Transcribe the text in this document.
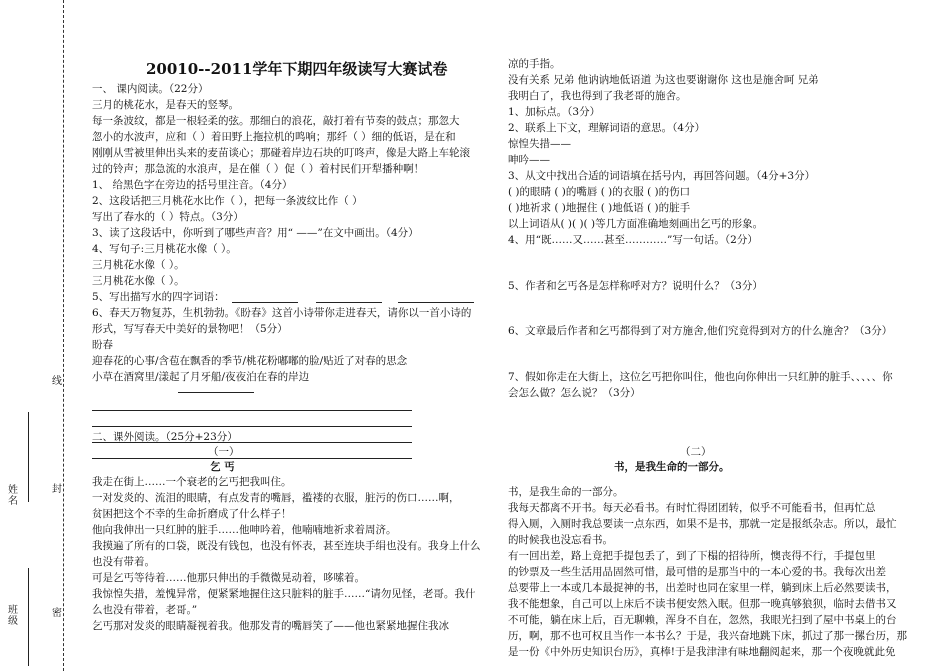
线
封
密
姓名
班级
20010--2011学年下期四年级读写大赛试卷
一、 课内阅读。（22分）
三月的桃花水，是春天的竖琴。
每一条波纹，都是一根轻柔的弦。那细白的浪花，敲打着有节奏的鼓点；那忽大
忽小的水波声，应和（ ）着田野上拖拉机的鸣响；那纤（ ）细的低语，是在和
刚刚从雪被里伸出头来的麦苗谈心；那碰着岸边石块的叮咚声，像是大路上车轮滚
过的铃声；那急流的水浪声，是在催（ ）促（ ）着村民们开犁播种啊！
1、 给黑色字在旁边的括号里注音。（4分）
2、这段话把三月桃花水比作（ ），把每一条波纹比作（ ）
写出了春水的（ ）特点。（3分）
3、读了这段话中，你听到了哪些声音？用“ ——”在文中画出。（4分）
4、写句子:三月桃花水像（ ）。
三月桃花水像（ ）。
三月桃花水像（ ）。
5、写出描写水的四字词语：
6、春天万物复苏，生机勃勃。《盼春》这首小诗带你走进春天，请你以一首小诗的
形式，写写春天中美好的景物吧！（5分）
盼春
迎春花的心事/含苞在飘香的季节/桃花粉嘟嘟的脸/贴近了对春的思念
小草在酒窝里/漾起了月牙船/夜夜泊在春的岸边
二、课外阅读。（25分+23分）
（一）
乞 丐
我走在街上……一个衰老的乞丐把我叫住。
一对发炎的、流泪的眼睛，有点发青的嘴唇，褴褛的衣服，脏污的伤口……啊，
贫困把这个不幸的生命折磨成了什么样子！
他向我伸出一只红肿的脏手……他呻吟着，他喃喃地祈求着周济。
我摸遍了所有的口袋，既没有钱包，也没有怀表，甚至连块手绢也没有。我身上什么
也没有带着。
可是乞丐等待着……他那只伸出的手微微晃动着，哆嗦着。
我惊惶失措，羞愧异常，便紧紧地握住这只脏料的脏手……“请勿见怪，老哥。我什
么也没有带着，老哥。”
乞丐那对发炎的眼睛凝视着我。他那发青的嘴唇笑了——他也紧紧地握住我冰
凉的手指。
没有关系 兄弟 他讷讷地低语道 为这也要谢谢你 这也是施舍呵 兄弟
我明白了，我也得到了我老哥的施舍。
1、加标点。（3分）
2、联系上下文，理解词语的意思。（4分）
惊惶失措——
呻吟——
3、从文中找出合适的词语填在括号内，再回答问题。（4分+3分）
( )的眼睛 ( )的嘴唇 ( )的衣服 ( )的伤口
( )地祈求 ( )地握住 ( )地低语 ( )的脏手
以上词语从( )( )( )等几方面准确地刻画出乞丐的形象。
4、用“既……又……甚至…………”写一句话。（2分）
5、作者和乞丐各是怎样称呼对方？说明什么？（3分）
6、文章最后作者和乞丐都得到了对方施舍,他们究竟得到对方的什么施舍？（3分）
7、假如你走在大街上，这位乞丐把你叫住，他也向你伸出一只红肿的脏手、、、、、你
会怎么做？怎么说？（3分）
（二）
书，是我生命的一部分。
书，是我生命的一部分。
我每天都离不开书。每天必看书。有时忙得团团转，似乎不可能看书，但再忙总
得入厕，入厕时我总要读一点东西，如果不是书，那就一定是报纸杂志。所以，最忙
的时候我也没忘看书。
有一回出差，路上竟把手提包丢了，到了下榻的招待所，懊丧得不行，手提包里
的钞票及一些生活用品固然可惜，最可惜的是那当中的一本心爱的书。我每次出差
总要带上一本或几本最捉神的书，出差时也同在家里一样，躺到床上后必然要读书，
我不能想象，自己可以上床后不读书便安然入眠。但那一晚真够狼狈，临时去借书又
不可能，躺在床上后，百无聊赖，浑身不自在，忽然，我眼光扫到了屋中书桌上的台
历，啊，那不也可权且当作一本书么？于是，我兴奋地跳下床，抓过了那一摞台历，那
是一份《中外历史知识台历》，真棒!于是我津津有味地翻阅起来，那一个夜晚就此免
